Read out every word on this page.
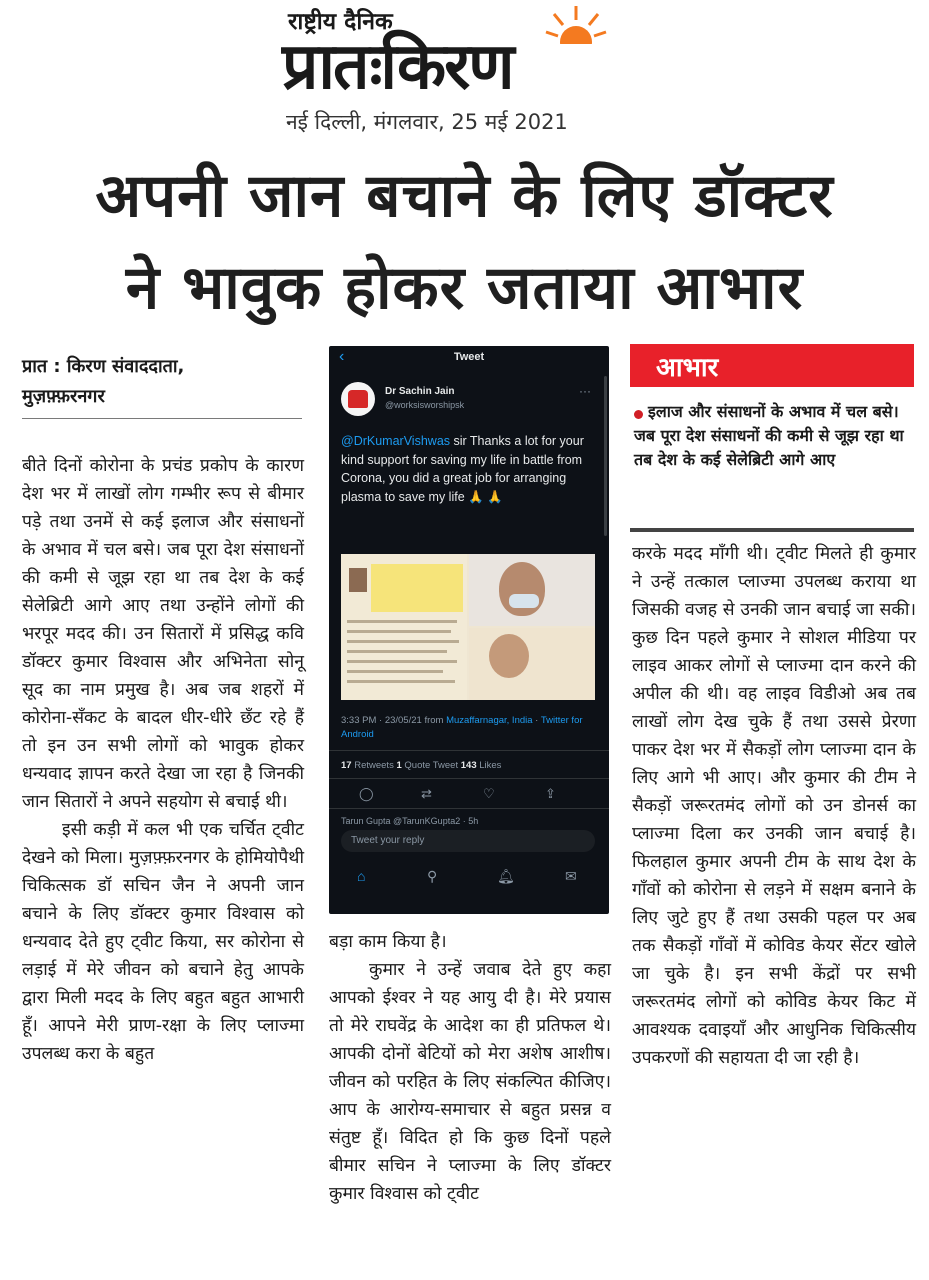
राष्ट्रीय दैनिक
प्रातःकिरण
नई दिल्ली, मंगलवार, 25 मई 2021
अपनी जान बचाने के लिए डॉक्टर
ने भावुक होकर जताया आभार
प्रात : किरण संवाददाता,
मुज़फ़्फ़रनगर

बीते दिनों कोरोना के प्रचंड प्रकोप के कारण देश भर में लाखों लोग गम्भीर रूप से बीमार पड़े तथा उनमें से कई इलाज और संसाधनों के अभाव में चल बसे। जब पूरा देश संसाधनों की कमी से जूझ रहा था तब देश के कई सेलेब्रिटी आगे आए तथा उन्होंने लोगों की भरपूर मदद की। उन सितारों में प्रसिद्ध कवि डॉक्टर कुमार विश्वास और अभिनेता सोनू सूद का नाम प्रमुख है। अब जब शहरों में कोरोना-सँकट के बादल धीर-धीरे छँट रहे हैं तो इन उन सभी लोगों को भावुक होकर धन्यवाद ज्ञापन करते देखा जा रहा है जिनकी जान सितारों ने अपने सहयोग से बचाई थी।

इसी कड़ी में कल भी एक चर्चित ट्वीट देखने को मिला। मुज़फ़्फ़रनगर के होमियोपैथी चिकित्सक डॉ सचिन जैन ने अपनी जान बचाने के लिए डॉक्टर कुमार विश्वास को धन्यवाद देते हुए ट्वीट किया, सर कोरोना से लड़ाई में मेरे जीवन को बचाने हेतु आपके द्वारा मिली मदद के लिए बहुत बहुत आभारी हूँ। आपने मेरी प्राण-रक्षा के लिए प्लाज्मा उपलब्ध करा के बहुत

‹	Tweet
Dr Sachin Jain
@worksisworshipsk
···
@DrKumarVishwas sir Thanks a lot for your kind support for saving my life in battle from Corona, you did a great job for arranging plasma to save my life 🙏 🙏
3:33 PM · 23/05/21 from Muzaffarnagar, India · Twitter for Android
17 Retweets 1 Quote Tweet 143 Likes
◯	⇄	♡	⇪
Tarun Gupta @TarunKGupta2 · 5h
Tweet your reply
⌂	⚲	🔔︎	✉

बड़ा काम किया है।

कुमार ने उन्हें जवाब देते हुए कहा आपको ईश्वर ने यह आयु दी है। मेरे प्रयास तो मेरे राघवेंद्र के आदेश का ही प्रतिफल थे। आपकी दोनों बेटियों को मेरा अशेष आशीष। जीवन को परहित के लिए संकल्पित कीजिए। आप के आरोग्य-समाचार से बहुत प्रसन्न व संतुष्ट हूँ। विदित हो कि कुछ दिनों पहले बीमार सचिन ने प्लाज्मा के लिए डॉक्टर कुमार विश्वास को ट्वीट

आभार
इलाज और संसाधनों के अभाव में चल बसे। जब पूरा देश संसाधनों की कमी से जूझ रहा था तब देश के कई सेलेब्रिटी आगे आए

करके मदद माँगी थी। ट्वीट मिलते ही कुमार ने उन्हें तत्काल प्लाज्मा उपलब्ध कराया था जिसकी वजह से उनकी जान बचाई जा सकी। कुछ दिन पहले कुमार ने सोशल मीडिया पर लाइव आकर लोगों से प्लाज्मा दान करने की अपील की थी। वह लाइव विडीओ अब तब लाखों लोग देख चुके हैं तथा उससे प्रेरणा पाकर देश भर में सैकड़ों लोग प्लाज्मा दान के लिए आगे भी आए। और कुमार की टीम ने सैकड़ों जरूरतमंद लोगों को उन डोनर्स का प्लाज्मा दिला कर उनकी जान बचाई है। फिलहाल कुमार अपनी टीम के साथ देश के गाँवों को कोरोना से लड़ने में सक्षम बनाने के लिए जुटे हुए हैं तथा उसकी पहल पर अब तक सैकड़ों गाँवों में कोविड केयर सेंटर खोले जा चुके है। इन सभी केंद्रों पर सभी जरूरतमंद लोगों को कोविड केयर किट में आवश्यक दवाइयाँ और आधुनिक चिकित्सीय उपकरणों की सहायता दी जा रही है।
